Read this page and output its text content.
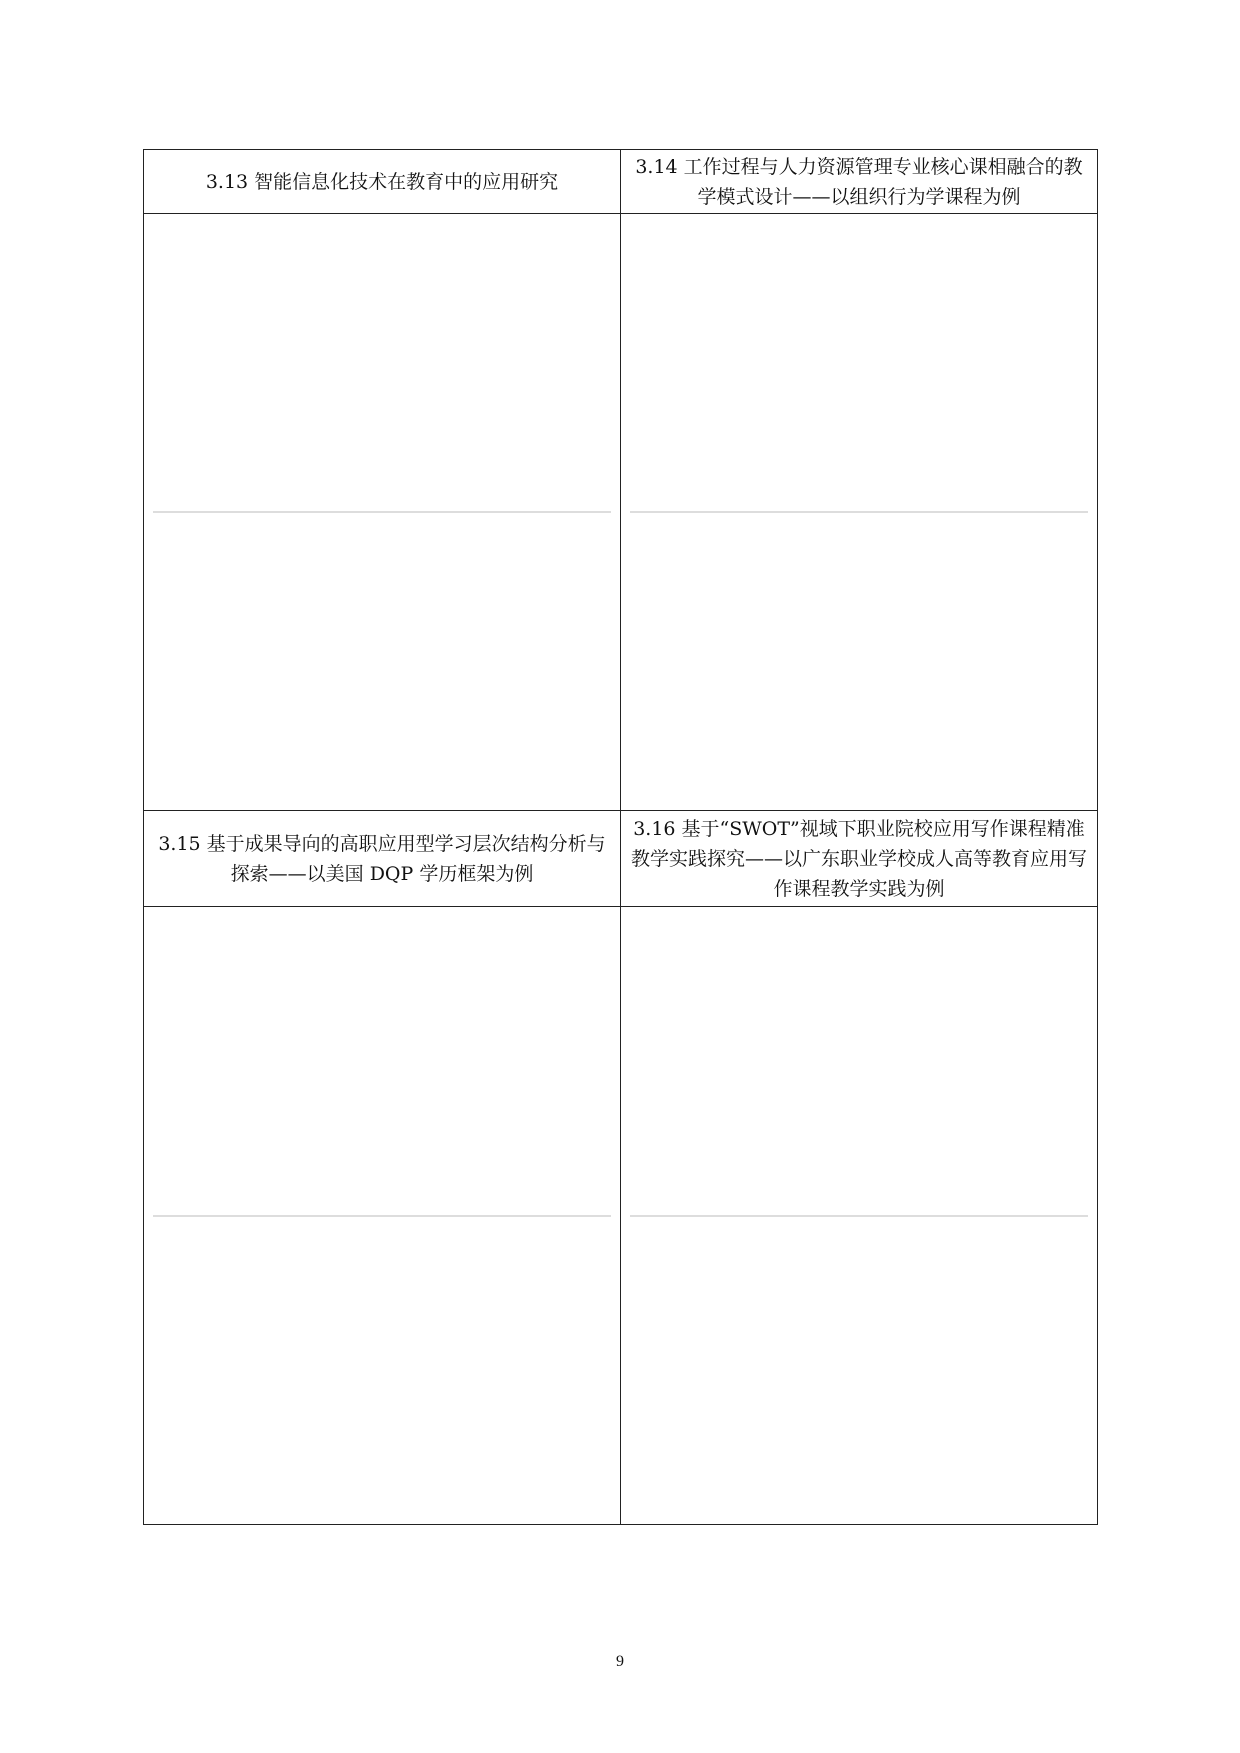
3.13 智能信息化技术在教育中的应用研究	3.14 工作过程与人力资源管理专业核心课相融合的教学模式设计——以组织行为学课程为例

3.15 基于成果导向的高职应用型学习层次结构分析与探索——以美国 DQP 学历框架为例	3.16 基于“SWOT”视域下职业院校应用写作课程精准教学实践探究——以广东职业学校成人高等教育应用写作课程教学实践为例

9
